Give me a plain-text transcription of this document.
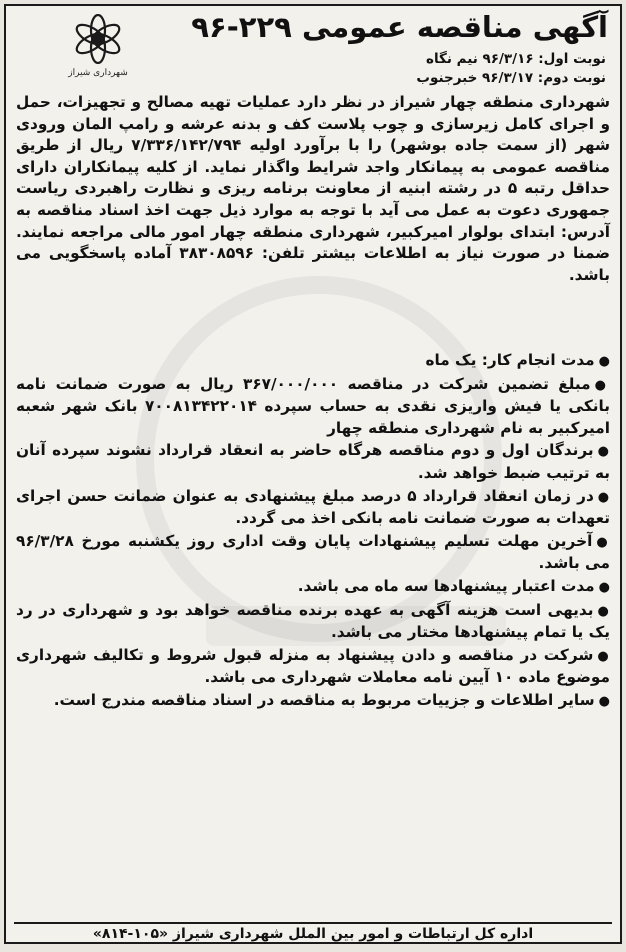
آگهی مناقصه عمومی ۲۲۹-۹۶
شهرداری شیراز
نوبت اول: ۹۶/۳/۱۶ نیم نگاه
نوبت دوم: ۹۶/۳/۱۷ خبرجنوب

شهرداری منطقه چهار شیراز در نظر دارد عملیات تهیه مصالح و تجهیزات، حمل و اجرای کامل زیرسازی و چوب پلاست کف و بدنه عرشه و رامپ المان ورودی شهر (از سمت جاده بوشهر) را با برآورد اولیه ۷/۳۳۶/۱۴۲/۷۹۴ ریال از طریق مناقصه عمومی به پیمانکار واجد شرایط واگذار نماید. از کلیه پیمانکاران دارای حداقل رتبه ۵ در رشته ابنیه از معاونت برنامه ریزی و نظارت راهبردی ریاست جمهوری دعوت به عمل می آید با توجه به موارد ذیل جهت اخذ اسناد مناقصه به آدرس: ابتدای بولوار امیرکبیر، شهرداری منطقه چهار امور مالی مراجعه نمایند. ضمنا در صورت نیاز به اطلاعات بیشتر تلفن: ۳۸۳۰۸۵۹۶ آماده پاسخگویی می باشد.

●مدت انجام کار: یک ماه
●مبلغ تضمین شرکت در مناقصه ۳۶۷/۰۰۰/۰۰۰ ریال به صورت ضمانت نامه بانکی یا فیش واریزی نقدی به حساب سپرده ۷۰۰۸۱۳۴۲۲۰۱۴ بانک شهر شعبه امیرکبیر به نام شهرداری منطقه چهار
●برندگان اول و دوم مناقصه هرگاه حاضر به انعقاد قرارداد نشوند سپرده آنان به ترتیب ضبط خواهد شد.
●در زمان انعقاد قرارداد ۵ درصد مبلغ پیشنهادی به عنوان ضمانت حسن اجرای تعهدات به صورت ضمانت نامه بانکی اخذ می گردد.
●آخرین مهلت تسلیم پیشنهادات پایان وقت اداری روز یکشنبه مورخ ۹۶/۳/۲۸ می باشد.
●مدت اعتبار پیشنهادها سه ماه می باشد.
●بدیهی است هزینه آگهی به عهده برنده مناقصه خواهد بود و شهرداری در رد یک یا تمام پیشنهادها مختار می باشد.
●شرکت در مناقصه و دادن پیشنهاد به منزله قبول شروط و تکالیف شهرداری موضوع ماده ۱۰ آیین نامه معاملات شهرداری می باشد.
●سایر اطلاعات و جزییات مربوط به مناقصه در اسناد مناقصه مندرج است.
اداره کل ارتباطات و امور بین الملل شهرداری شیراز «۱۰۵-۸۱۴»
